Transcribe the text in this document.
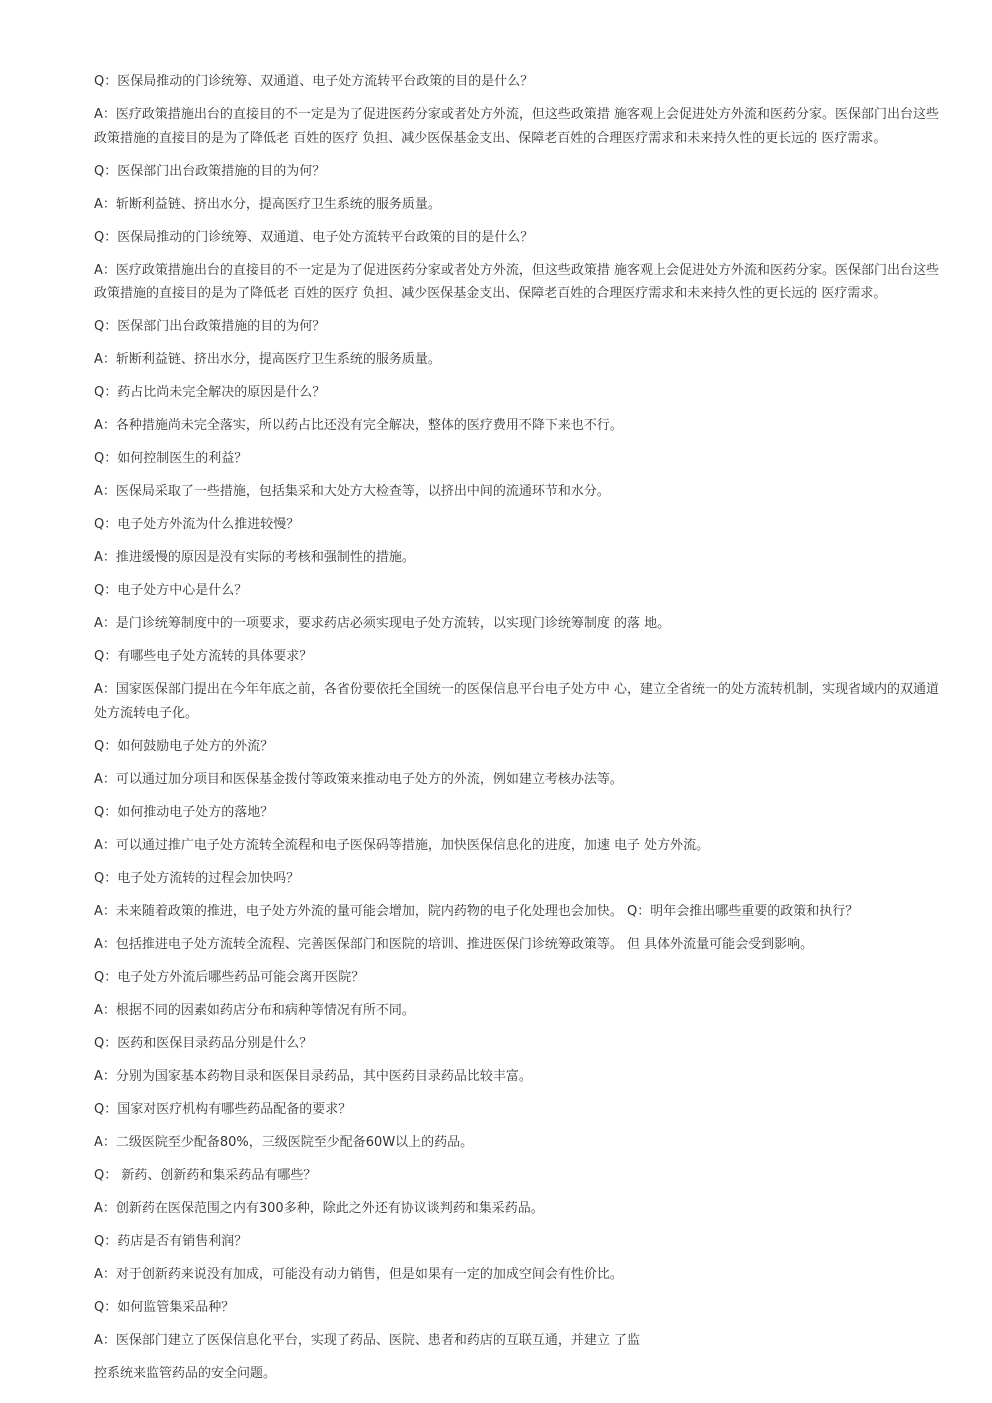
Q：医保局推动的门诊统筹、双通道、电子处方流转平台政策的目的是什么？

A：医疗政策措施出台的直接目的不一定是为了促进医药分家或者处方外流，但这些政策措 施客观上会促进处方外流和医药分家。医保部门出台这些政策措施的直接目的是为了降低老 百姓的医疗 负担、减少医保基金支出、保障老百姓的合理医疗需求和未来持久性的更长远的 医疗需求。

Q：医保部门出台政策措施的目的为何？

A：斩断利益链、挤出水分，提高医疗卫生系统的服务质量。

Q：医保局推动的门诊统筹、双通道、电子处方流转平台政策的目的是什么？

A：医疗政策措施出台的直接目的不一定是为了促进医药分家或者处方外流，但这些政策措 施客观上会促进处方外流和医药分家。医保部门出台这些政策措施的直接目的是为了降低老 百姓的医疗 负担、减少医保基金支出、保障老百姓的合理医疗需求和未来持久性的更长远的 医疗需求。

Q：医保部门出台政策措施的目的为何？

A：斩断利益链、挤出水分，提高医疗卫生系统的服务质量。

Q：药占比尚未完全解决的原因是什么？

A：各种措施尚未完全落实，所以药占比还没有完全解决，整体的医疗费用不降下来也不行。

Q：如何控制医生的利益？

A：医保局采取了一些措施，包括集采和大处方大检查等，以挤出中间的流通环节和水分。

Q：电子处方外流为什么推进较慢？

A：推进缓慢的原因是没有实际的考核和强制性的措施。

Q：电子处方中心是什么？

A：是门诊统筹制度中的一项要求，要求药店必须实现电子处方流转，以实现门诊统筹制度 的落 地。

Q：有哪些电子处方流转的具体要求？

A：国家医保部门提出在今年年底之前，各省份要依托全国统一的医保信息平台电子处方中 心，建立全省统一的处方流转机制，实现省域内的双通道处方流转电子化。

Q：如何鼓励电子处方的外流？

A：可以通过加分项目和医保基金拨付等政策来推动电子处方的外流，例如建立考核办法等。

Q：如何推动电子处方的落地？

A：可以通过推广电子处方流转全流程和电子医保码等措施，加快医保信息化的进度，加速 电子 处方外流。

Q：电子处方流转的过程会加快吗？

A：未来随着政策的推进，电子处方外流的量可能会增加，院内药物的电子化处理也会加快。 Q：明年会推出哪些重要的政策和执行？

A：包括推进电子处方流转全流程、完善医保部门和医院的培训、推进医保门诊统筹政策等。 但 具体外流量可能会受到影响。

Q：电子处方外流后哪些药品可能会离开医院？

A：根据不同的因素如药店分布和病种等情况有所不同。

Q：医药和医保目录药品分别是什么？

A：分别为国家基本药物目录和医保目录药品，其中医药目录药品比较丰富。

Q：国家对医疗机构有哪些药品配备的要求？

A：二级医院至少配备80%，三级医院至少配备60W以上的药品。

Q： 新药、创新药和集采药品有哪些？

A：创新药在医保范围之内有300多种，除此之外还有协议谈判药和集采药品。

Q：药店是否有销售利润？

A：对于创新药来说没有加成，可能没有动力销售，但是如果有一定的加成空间会有性价比。

Q：如何监管集采品种？

A：医保部门建立了医保信息化平台，实现了药品、医院、患者和药店的互联互通，并建立 了监

控系统来监管药品的安全问题。
